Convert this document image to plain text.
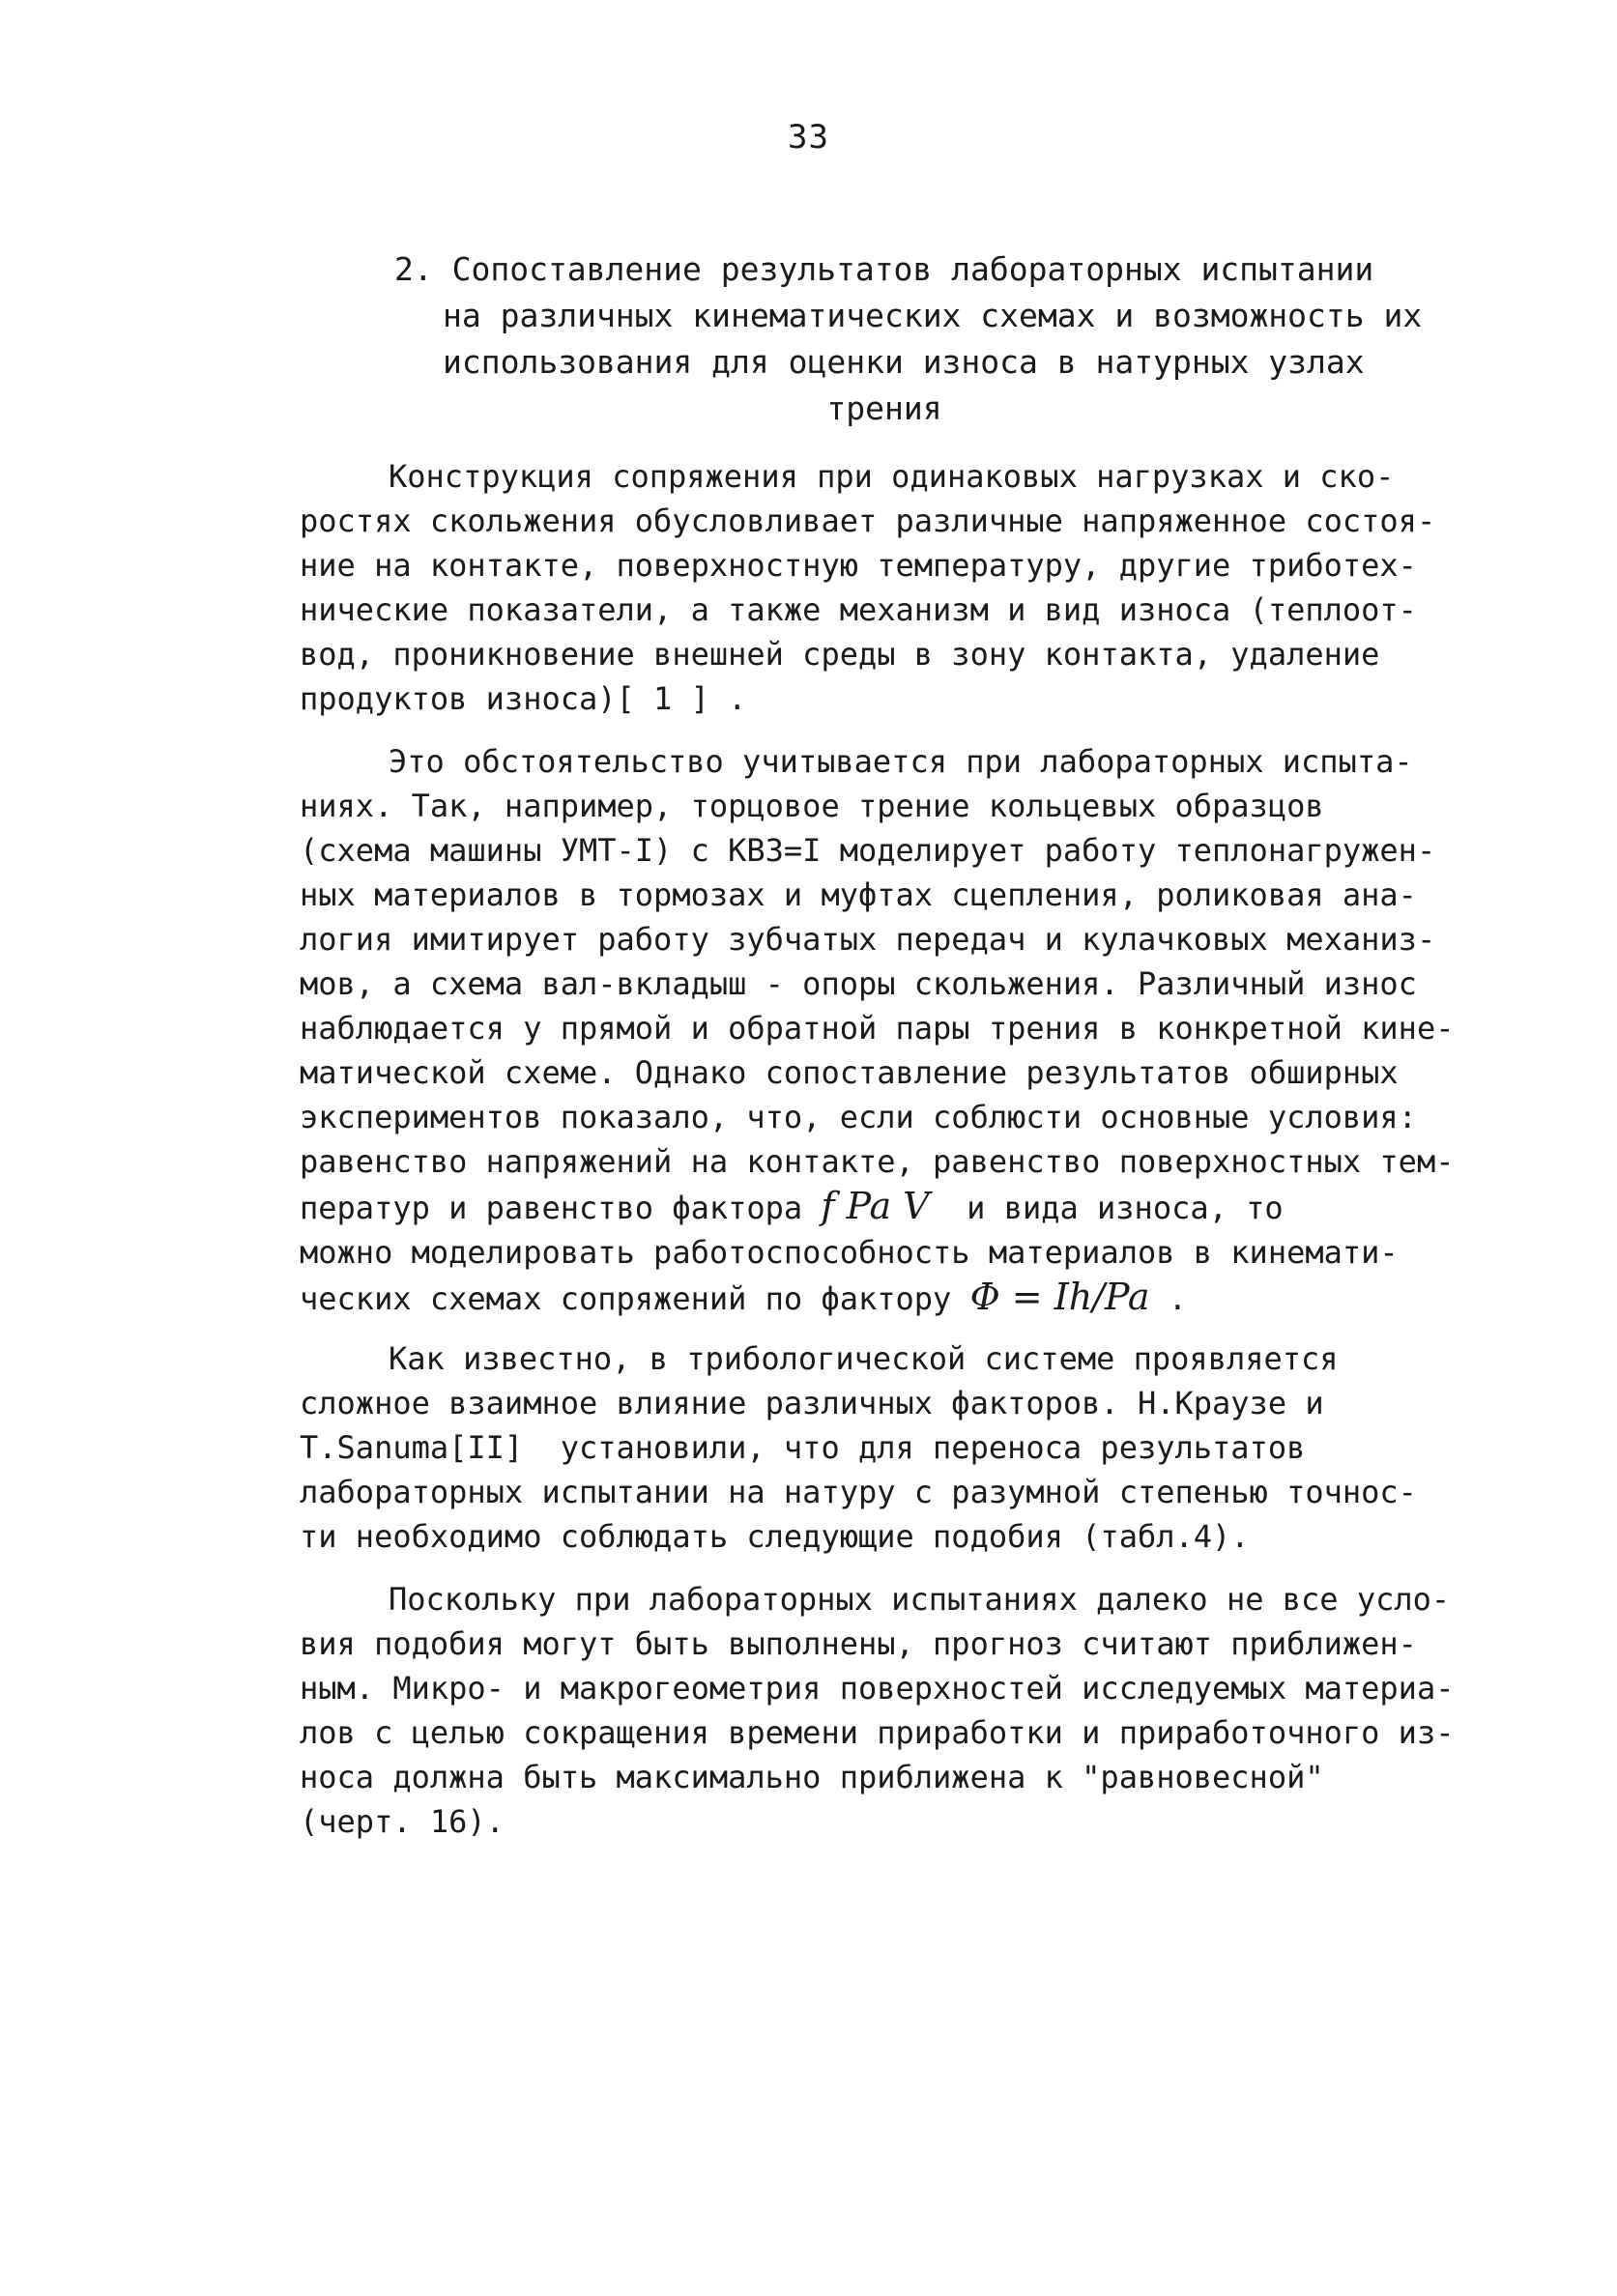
33
2. Сопоставление результатов лабораторных испытании
на различных кинематических схемах и возможность их
использования для оценки износа в натурных узлах
трения
Конструкция сопряжения при одинаковых нагрузках и ско-
ростях скольжения обусловливает различные напряженное состоя-
ние на контакте, поверхностную температуру, другие триботех-
нические показатели, а также механизм и вид износа (теплоот-
вод, проникновение внешней среды в зону контакта, удаление
продуктов износа)[ 1 ] .
Это обстоятельство учитывается при лабораторных испыта-
ниях. Так, например, торцовое трение кольцевых образцов
(схема машины УМТ-I) с КВЗ=I моделирует работу теплонагружен-
ных материалов в тормозах и муфтах сцепления, роликовая ана-
логия имитирует работу зубчатых передач и кулачковых механиз-
мов, а схема вал-вкладыш - опоры скольжения. Различный износ
наблюдается у прямой и обратной пары трения в конкретной кине-
матической схеме. Однако сопоставление результатов обширных
экспериментов показало, что, если соблюсти основные условия:
равенство напряжений на контакте, равенство поверхностных тем-
ператур и равенство фактора f Pa V  и вида износа, то
можно моделировать работоспособность материалов в кинемати-
ческих схемах сопряжений по фактору Φ = Ih/Pa .
Как известно, в трибологической системе проявляется
сложное взаимное влияние различных факторов. Н.Краузе и
T.Sanuma[II]  установили, что для переноса результатов
лабораторных испытании на натуру с разумной степенью точнос-
ти необходимо соблюдать следующие подобия (табл.4).
Поскольку при лабораторных испытаниях далеко не все усло-
вия подобия могут быть выполнены, прогноз считают приближен-
ным. Микро- и макрогеометрия поверхностей исследуемых материа-
лов с целью сокращения времени приработки и приработочного из-
носа должна быть максимально приближена к "равновесной"
(черт. 16).
